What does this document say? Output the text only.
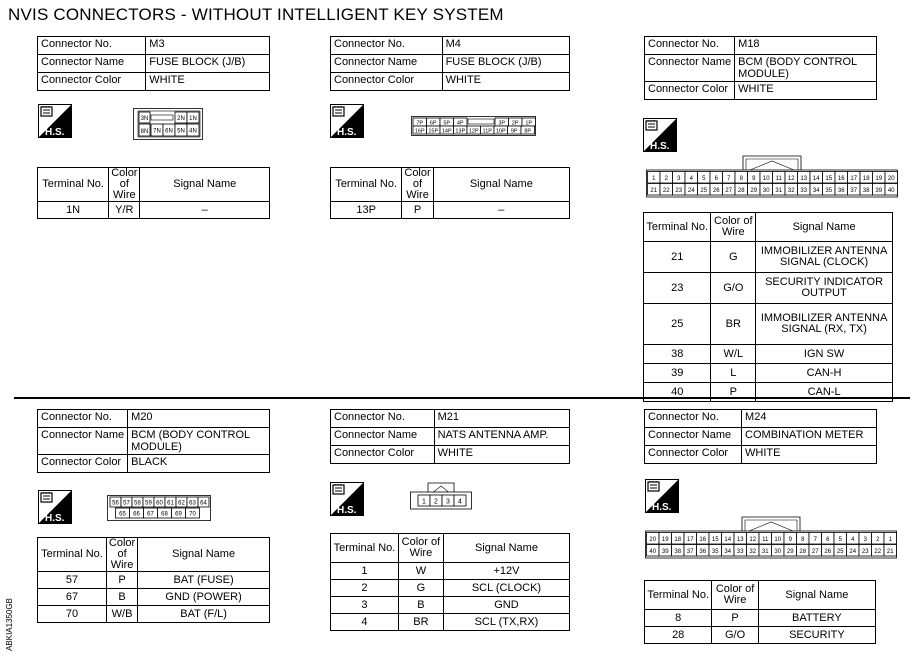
NVIS CONNECTORS - WITHOUT INTELLIGENT KEY SYSTEM
ABKIA1350GB
Connector No.	M3
Connector Name	FUSE BLOCK (J/B)
Connector Color	WHITE
H.S.
3N	2N 1N
8N 7N 6N 5N 4N
Terminal No.	Color of Wire	Signal Name
1N	Y/R	–
Connector No.	M4
Connector Name	FUSE BLOCK (J/B)
Connector Color	WHITE
H.S.
7P 6P 5P 4P	3P 2P 1P
16P 15P 14P 13P 12P 11P 10P 9P 8P
Terminal No.	Color of Wire	Signal Name
13P	P	–
Connector No.	M18
Connector Name	BCM (BODY CONTROL MODULE)
Connector Color	WHITE
H.S.
1 2 3 4 5 6 7 8 9 10 11 12 13 14 15 16 17 18 19 20
21 22 23 24 25 26 27 28 29 30 31 32 33 34 35 36 37 38 39 40
Terminal No.	Color of Wire	Signal Name
21	G	IMMOBILIZER ANTENNA SIGNAL (CLOCK)
23	G/O	SECURITY INDICATOR OUTPUT
25	BR	IMMOBILIZER ANTENNA SIGNAL (RX, TX)
38	W/L	IGN SW
39	L	CAN-H
40	P	CAN-L
Connector No.	M20
Connector Name	BCM (BODY CONTROL MODULE)
Connector Color	BLACK
H.S.
56 57 58 59 60 61 62 63 64
65 66 67 68 69 70
Terminal No.	Color of Wire	Signal Name
57	P	BAT (FUSE)
67	B	GND (POWER)
70	W/B	BAT (F/L)
Connector No.	M21
Connector Name	NATS ANTENNA AMP.
Connector Color	WHITE
H.S.
1 2 3 4
Terminal No.	Color of Wire	Signal Name
1	W	+12V
2	G	SCL (CLOCK)
3	B	GND
4	BR	SCL (TX,RX)
Connector No.	M24
Connector Name	COMBINATION METER
Connector Color	WHITE
H.S.
20 19 18 17 16 15 14 13 12 11 10 9 8 7 6 5 4 3 2 1
40 39 38 37 36 35 34 33 32 31 30 29 28 27 26 25 24 23 22 21
Terminal No.	Color of Wire	Signal Name
8	P	BATTERY
28	G/O	SECURITY
